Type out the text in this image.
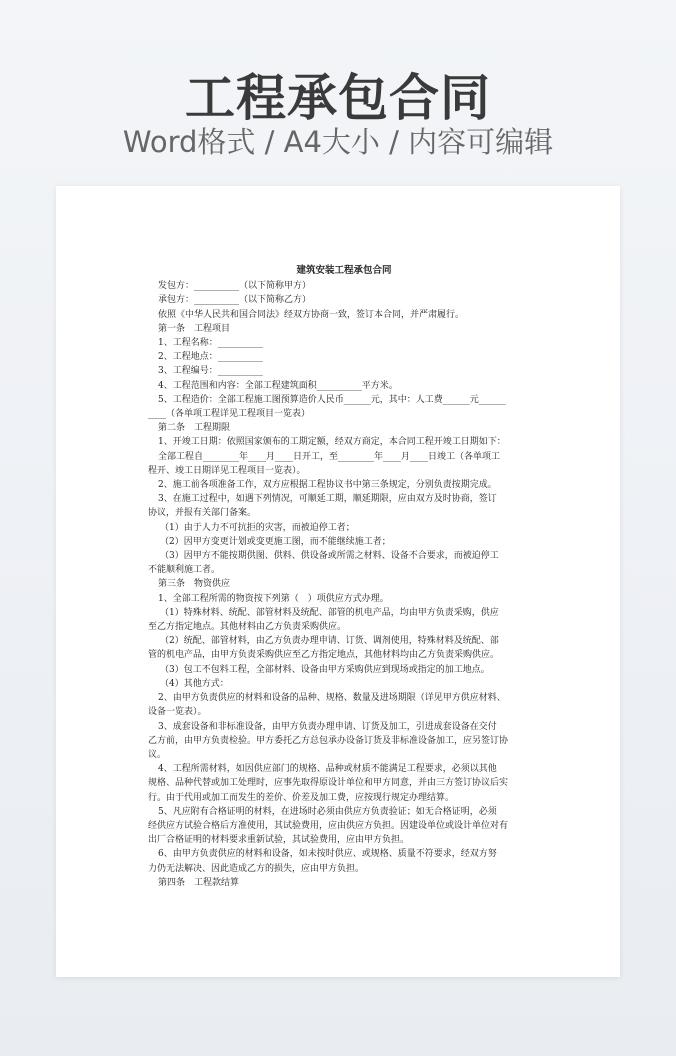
工程承包合同
Word格式 / A4大小 / 内容可编辑
建筑安装工程承包合同

发包方：__________（以下简称甲方）

承包方：__________（以下简称乙方）

依照《中华人民共和国合同法》经双方协商一致，签订本合同，并严肃履行。

第一条　工程项目

1、工程名称：__________

2、工程地点：__________

3、工程编号：__________

4、工程范围和内容：全部工程建筑面积__________平方米。

5、工程造价：全部工程施工图预算造价人民币______元，其中：人工费______元______

____（各单项工程详见工程项目一览表）

第二条　工程期限

1、开竣工日期：依照国家颁布的工期定额，经双方商定，本合同工程开竣工日期如下：

全部工程自________年____月____日开工，至________年____月____日竣工（各单项工

程开、竣工日期详见工程项目一览表）。

2、施工前各项准备工作，双方应根据工程协议书中第三条规定，分别负责按期完成。

3、在施工过程中，如遇下列情况，可顺延工期，顺延期限，应由双方及时协商，签订

协议，并报有关部门备案。

（1）由于人力不可抗拒的灾害，而被迫停工者；

（2）因甲方变更计划或变更施工图，而不能继续施工者；

（3）因甲方不能按期供图、供料、供设备或所需之材料、设备不合要求，而被迫停工

不能顺利施工者。

第三条　物资供应

1、全部工程所需的物资按下列第（　）项供应方式办理。

（1）特殊材料、统配、部管材料及统配、部管的机电产品，均由甲方负责采购，供应

至乙方指定地点。其他材料由乙方负责采购供应。

（2）统配、部管材料，由乙方负责办理申请、订货、调剂使用，特殊材料及统配、部

管的机电产品，由甲方负责采购供应至乙方指定地点，其他材料均由乙方负责采购供应。

（3）包工不包料工程，全部材料、设备由甲方采购供应到现场或指定的加工地点。

（4）其他方式：

2、由甲方负责供应的材料和设备的品种、规格、数量及进场期限（详见甲方供应材料、

设备一览表）。

3、成套设备和非标准设备，由甲方负责办理申请、订货及加工，引进成套设备在交付

乙方前，由甲方负责检验。甲方委托乙方总包承办设备订货及非标准设备加工，应另签订协

议。

4、工程所需材料，如因供应部门的规格、品种或材质不能满足工程要求，必须以其他

规格、品种代替或加工处理时，应事先取得原设计单位和甲方同意，并由三方签订协议后实

行。由于代用或加工而发生的差价、价差及加工费，应按现行规定办理结算。

5、凡应附有合格证明的材料，在进场时必须由供应方负责验证；如无合格证明，必须

经供应方试验合格后方准使用，其试验费用，应由供应方负担。因建设单位或设计单位对有

出厂合格证明的材料要求重新试验，其试验费用，应由甲方负担。

6、由甲方负责供应的材料和设备，如未按时供应、或规格、质量不符要求，经双方努

力仍无法解决、因此造成乙方的损失，应由甲方负担。

第四条　工程款结算
